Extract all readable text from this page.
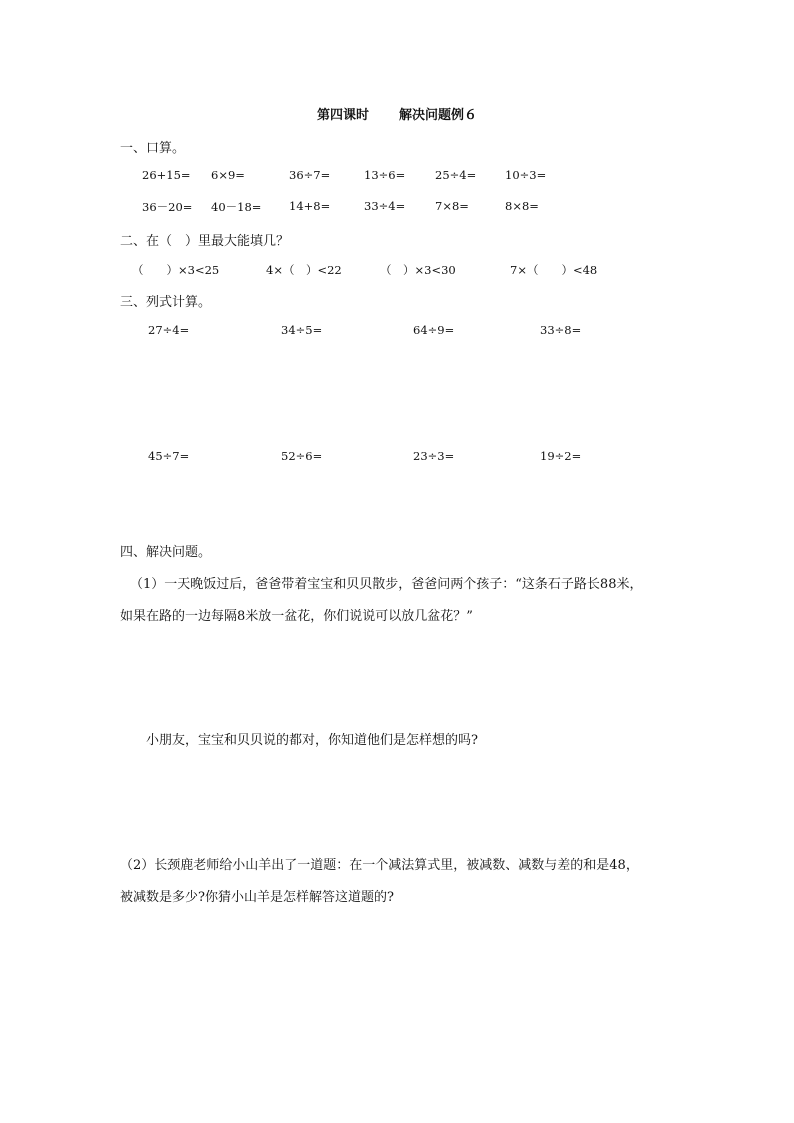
第四课时 解决问题例６
一、口算。
26+15= 6×9=	36÷7=	13÷6=	25÷4=	10÷3=
36－20= 40－18= 14+8=	33÷4=	7×8=	8×8=
二、在（　）里最大能填几？
（　　）×3<25	4×（　）<22	（　）×3<30	7×（　　）<48
三、列式计算。
27÷4=	34÷5=	64÷9=	33÷8=
45÷7=	52÷6=	23÷3=	19÷2=
四、解决问题。
（1）一天晚饭过后，爸爸带着宝宝和贝贝散步，爸爸问两个孩子：“这条石子路长88米，
如果在路的一边每隔8米放一盆花，你们说说可以放几盆花？”
小朋友，宝宝和贝贝说的都对，你知道他们是怎样想的吗?
（2）长颈鹿老师给小山羊出了一道题：在一个减法算式里，被减数、减数与差的和是48，
被减数是多少?你猜小山羊是怎样解答这道题的?
